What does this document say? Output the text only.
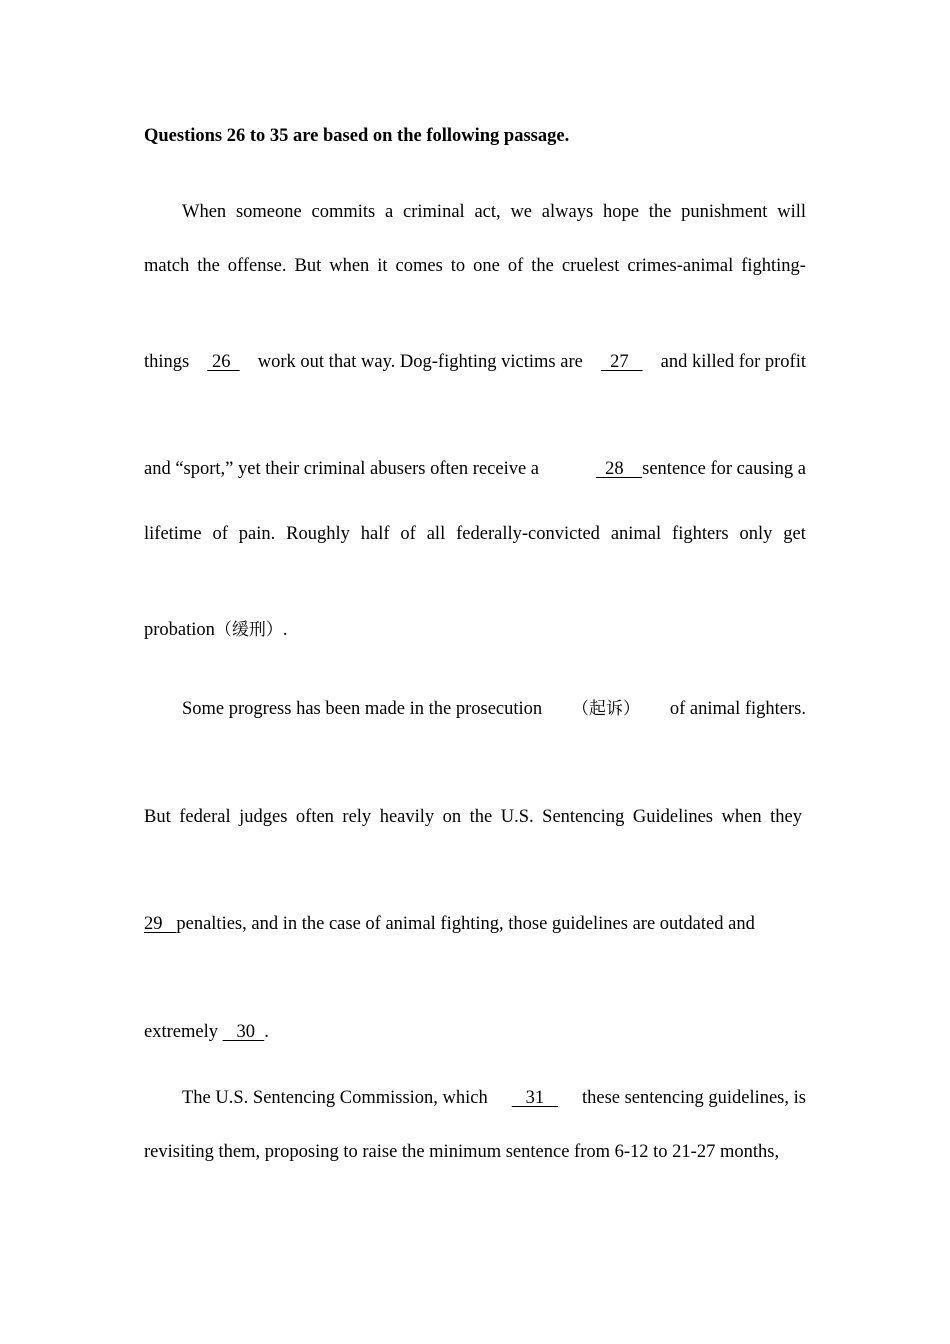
Questions 26 to 35 are based on the following passage.
When someone commits a criminal act, we always hope the punishment will
match the offense. But when it comes to one of the cruelest crimes-animal fighting-
things 26 work out that way. Dog-fighting victims are 27 and killed for profit
and “sport,” yet their criminal abusers often receive a	28    sentence for causing a
lifetime of pain. Roughly half of all federally-convicted animal fighters only get
probation（缓刑）.
Some progress has been made in the prosecution （起诉） of animal fighters.
But federal judges often rely heavily on the U.S. Sentencing Guidelines when they
29   penalties, and in the case of animal fighting, those guidelines are outdated and
extremely    30  .
The U.S. Sentencing Commission, which 31 these sentencing guidelines, is
revisiting them, proposing to raise the minimum sentence from 6-12 to 21-27 months,
